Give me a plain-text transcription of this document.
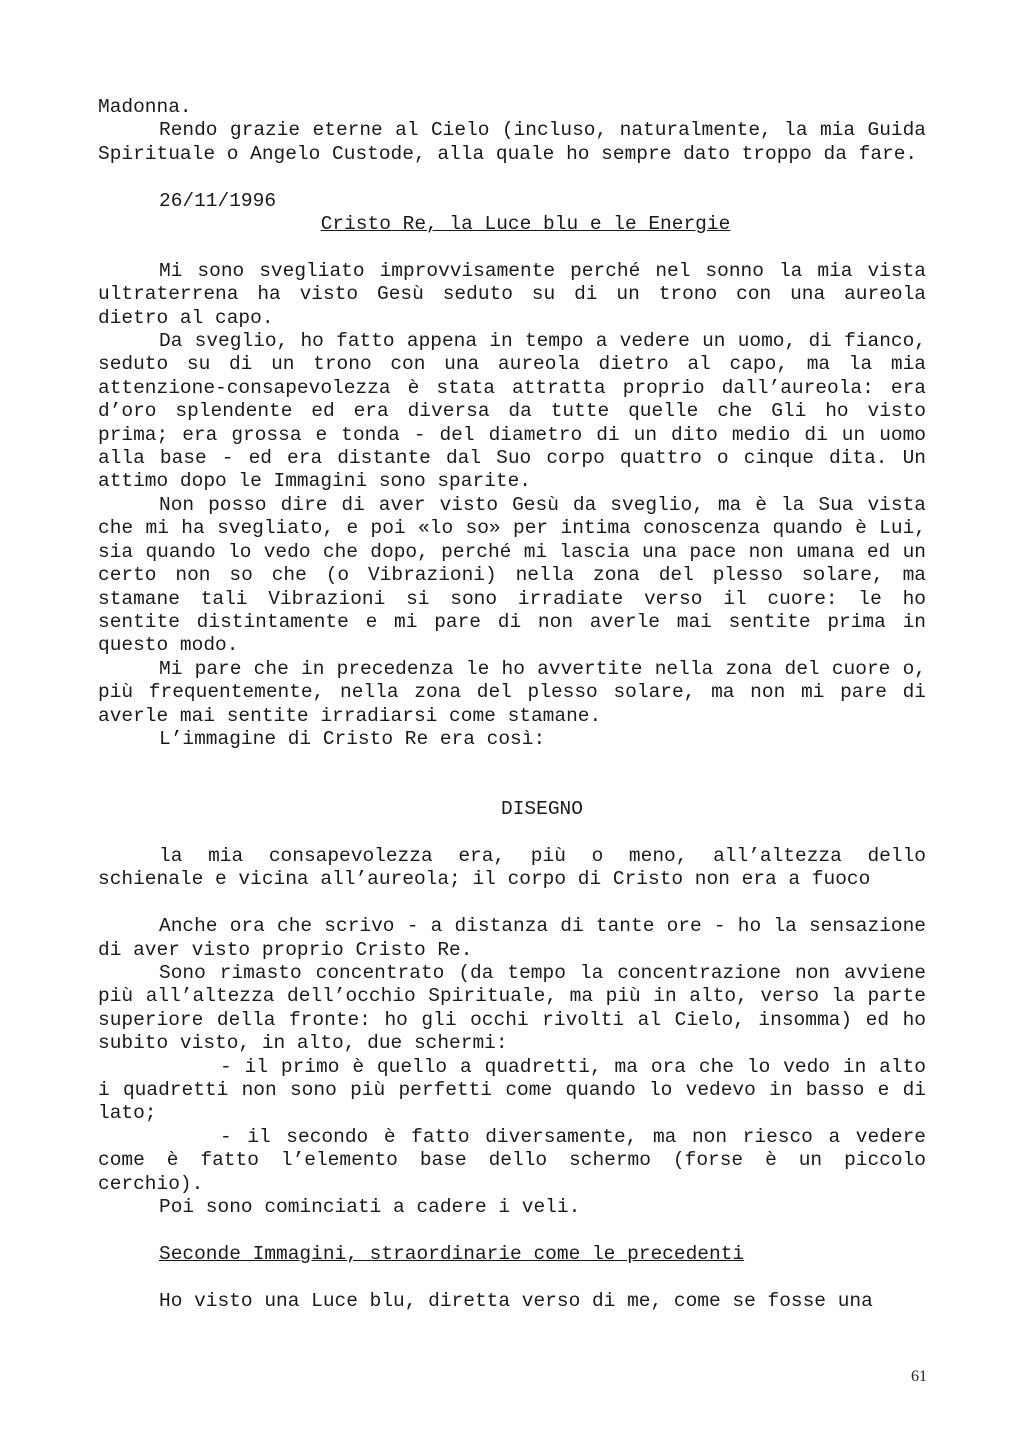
Madonna.

Rendo grazie eterne al Cielo (incluso, naturalmente, la mia Guida Spirituale o Angelo Custode, alla quale ho sempre dato troppo da fare.

26/11/1996

Cristo Re, la Luce blu e le Energie

Mi sono svegliato improvvisamente perché nel sonno la mia vista ultraterrena ha visto Gesù seduto su di un trono con una aureola dietro al capo.

Da sveglio, ho fatto appena in tempo a vedere un uomo, di fianco, seduto su di un trono con una aureola dietro al capo, ma la mia attenzione-consapevolezza è stata attratta proprio dall’aureola: era d’oro splendente ed era diversa da tutte quelle che Gli ho visto prima; era grossa e tonda - del diametro di un dito medio di un uomo alla base - ed era distante dal Suo corpo quattro o cinque dita. Un attimo dopo le Immagini sono sparite.

Non posso dire di aver visto Gesù da sveglio, ma è la Sua vista che mi ha svegliato, e poi «lo so» per intima conoscenza quando è Lui, sia quando lo vedo che dopo, perché mi lascia una pace non umana ed un certo non so che (o Vibrazioni) nella zona del plesso solare, ma stamane tali Vibrazioni si sono irradiate verso il cuore: le ho sentite distintamente e mi pare di non averle mai sentite prima in questo modo.

Mi pare che in precedenza le ho avvertite nella zona del cuore o, più frequentemente, nella zona del plesso solare, ma non mi pare di averle mai sentite irradiarsi come stamane.

L’immagine di Cristo Re era così:

DISEGNO

la mia consapevolezza era, più o meno, all’altezza dello schienale e vicina all’aureola; il corpo di Cristo non era a fuoco

Anche ora che scrivo - a distanza di tante ore - ho la sensazione di aver visto proprio Cristo Re.

Sono rimasto concentrato (da tempo la concentrazione non avviene più all’altezza dell’occhio Spirituale, ma più in alto, verso la parte superiore della fronte: ho gli occhi rivolti al Cielo, insomma) ed ho subito visto, in alto, due schermi:

- il primo è quello a quadretti, ma ora che lo vedo in alto i quadretti non sono più perfetti come quando lo vedevo in basso e di lato;

- il secondo è fatto diversamente, ma non riesco a vedere come è fatto l’elemento base dello schermo (forse è un piccolo cerchio).

Poi sono cominciati a cadere i veli.

Seconde Immagini, straordinarie come le precedenti

Ho visto una Luce blu, diretta verso di me, come se fosse una

61
